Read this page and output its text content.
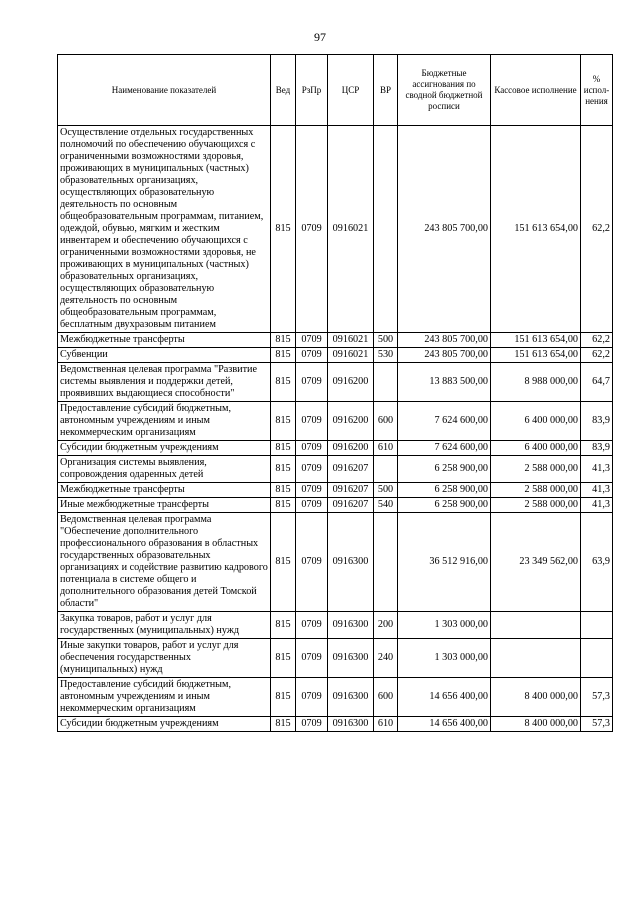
97
Наименование показателей	Вед	РзПр	ЦСР	ВР	Бюджетные ассигнования по сводной бюджетной росписи	Кассовое исполнение	% испол-нения
Осуществление отдельных государственных полномочий по обеспечению обучающихся с ограниченными возможностями здоровья, проживающих в муниципальных (частных) образовательных организациях, осуществляющих образовательную деятельность по основным общеобразовательным программам, питанием, одеждой, обувью, мягким и жестким инвентарем и обеспечению обучающихся с ограниченными возможностями здоровья, не проживающих в муниципальных (частных) образовательных организациях, осуществляющих образовательную деятельность по основным общеобразовательным программам, бесплатным двухразовым питанием	815	0709	0916021		243 805 700,00	151 613 654,00	62,2
Межбюджетные трансферты	815	0709	0916021	500	243 805 700,00	151 613 654,00	62,2
Субвенции	815	0709	0916021	530	243 805 700,00	151 613 654,00	62,2
Ведомственная целевая программа "Развитие системы выявления и поддержки детей, проявивших выдающиеся способности"	815	0709	0916200		13 883 500,00	8 988 000,00	64,7
Предоставление субсидий бюджетным, автономным учреждениям и иным некоммерческим организациям	815	0709	0916200	600	7 624 600,00	6 400 000,00	83,9
Субсидии бюджетным учреждениям	815	0709	0916200	610	7 624 600,00	6 400 000,00	83,9
Организация системы выявления, сопровождения одаренных детей	815	0709	0916207		6 258 900,00	2 588 000,00	41,3
Межбюджетные трансферты	815	0709	0916207	500	6 258 900,00	2 588 000,00	41,3
Иные межбюджетные трансферты	815	0709	0916207	540	6 258 900,00	2 588 000,00	41,3
Ведомственная целевая программа "Обеспечение дополнительного профессионального образования в областных государственных образовательных организациях и содействие развитию кадрового потенциала в системе общего и дополнительного образования детей Томской области"	815	0709	0916300		36 512 916,00	23 349 562,00	63,9
Закупка товаров, работ и услуг для государственных (муниципальных) нужд	815	0709	0916300	200	1 303 000,00		
Иные закупки товаров, работ и услуг для обеспечения государственных (муниципальных) нужд	815	0709	0916300	240	1 303 000,00		
Предоставление субсидий бюджетным, автономным учреждениям и иным некоммерческим организациям	815	0709	0916300	600	14 656 400,00	8 400 000,00	57,3
Субсидии бюджетным учреждениям	815	0709	0916300	610	14 656 400,00	8 400 000,00	57,3
